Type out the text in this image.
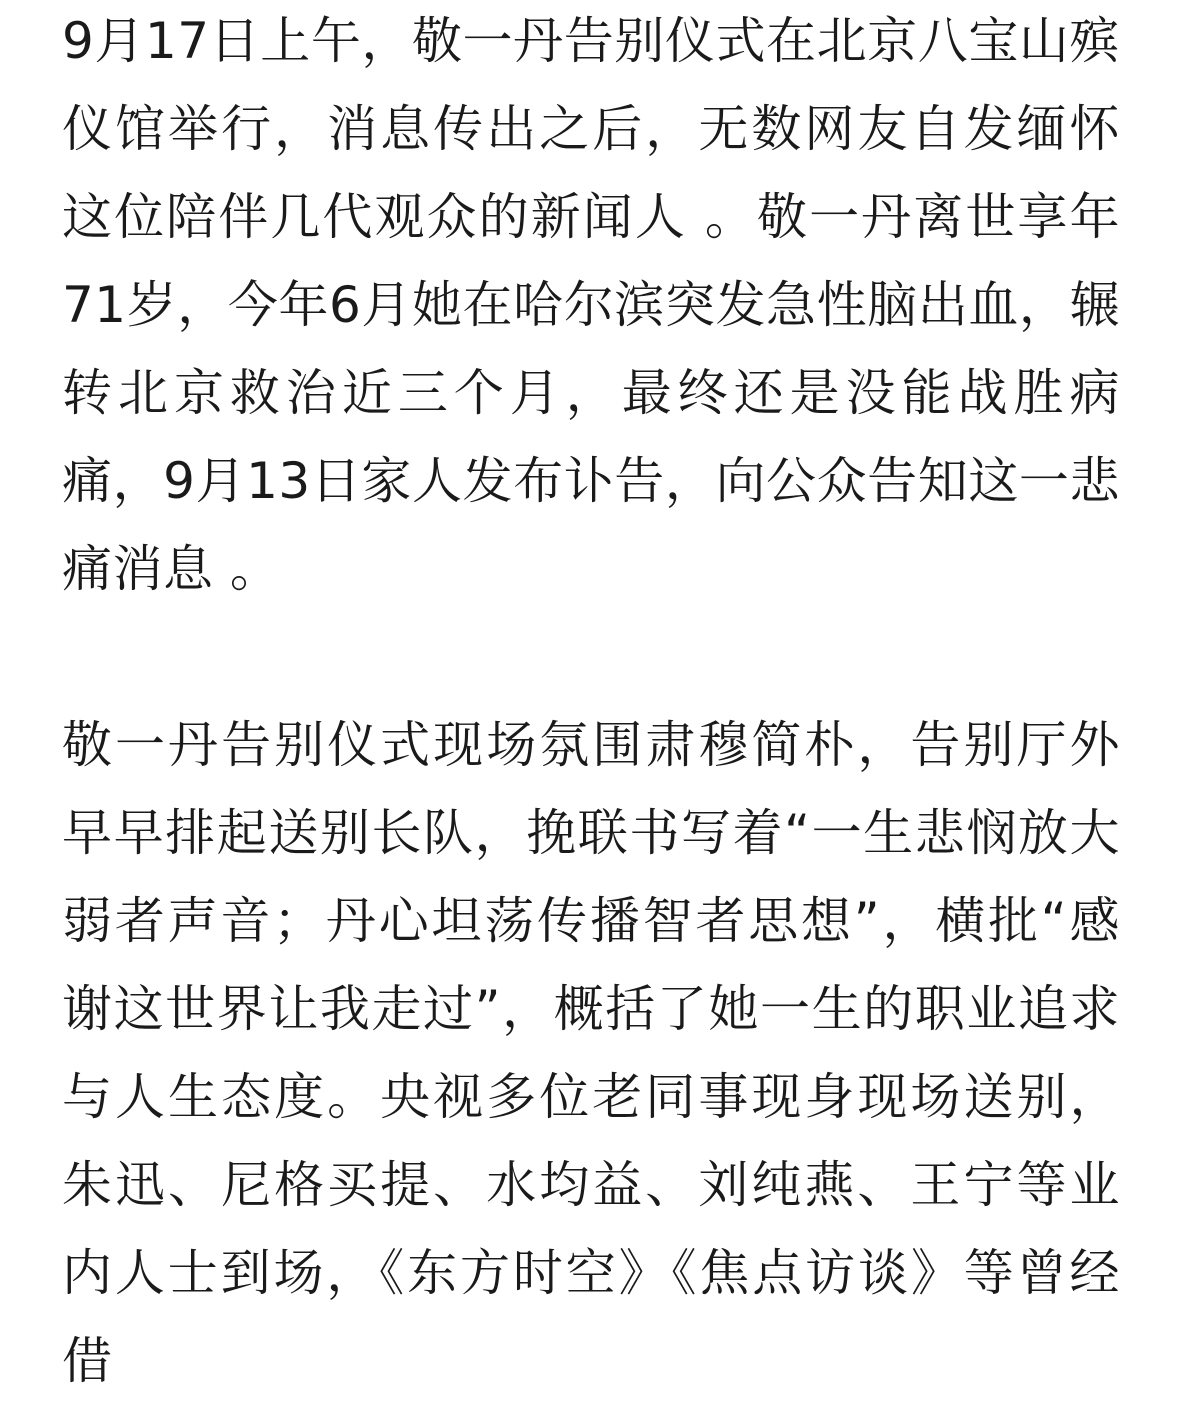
9月17日上午，敬一丹告别仪式在北京八宝山殡仪馆举行，消息传出之后，无数网友自发缅怀这位陪伴几代观众的新闻人 。敬一丹离世享年71岁，今年6月她在哈尔滨突发急性脑出血，辗转北京救治近三个月，最终还是没能战胜病痛，9月13日家人发布讣告，向公众告知这一悲痛消息 。

敬一丹告别仪式现场氛围肃穆简朴，告别厅外早早排起送别长队，挽联书写着“一生悲悯放大弱者声音；丹心坦荡传播智者思想”，横批“感谢这世界让我走过”，概括了她一生的职业追求与人生态度。央视多位老同事现身现场送别，朱迅、尼格买提、水均益、刘纯燕、王宁等业内人士到场，《东方时空》《焦点访谈》等曾经借
